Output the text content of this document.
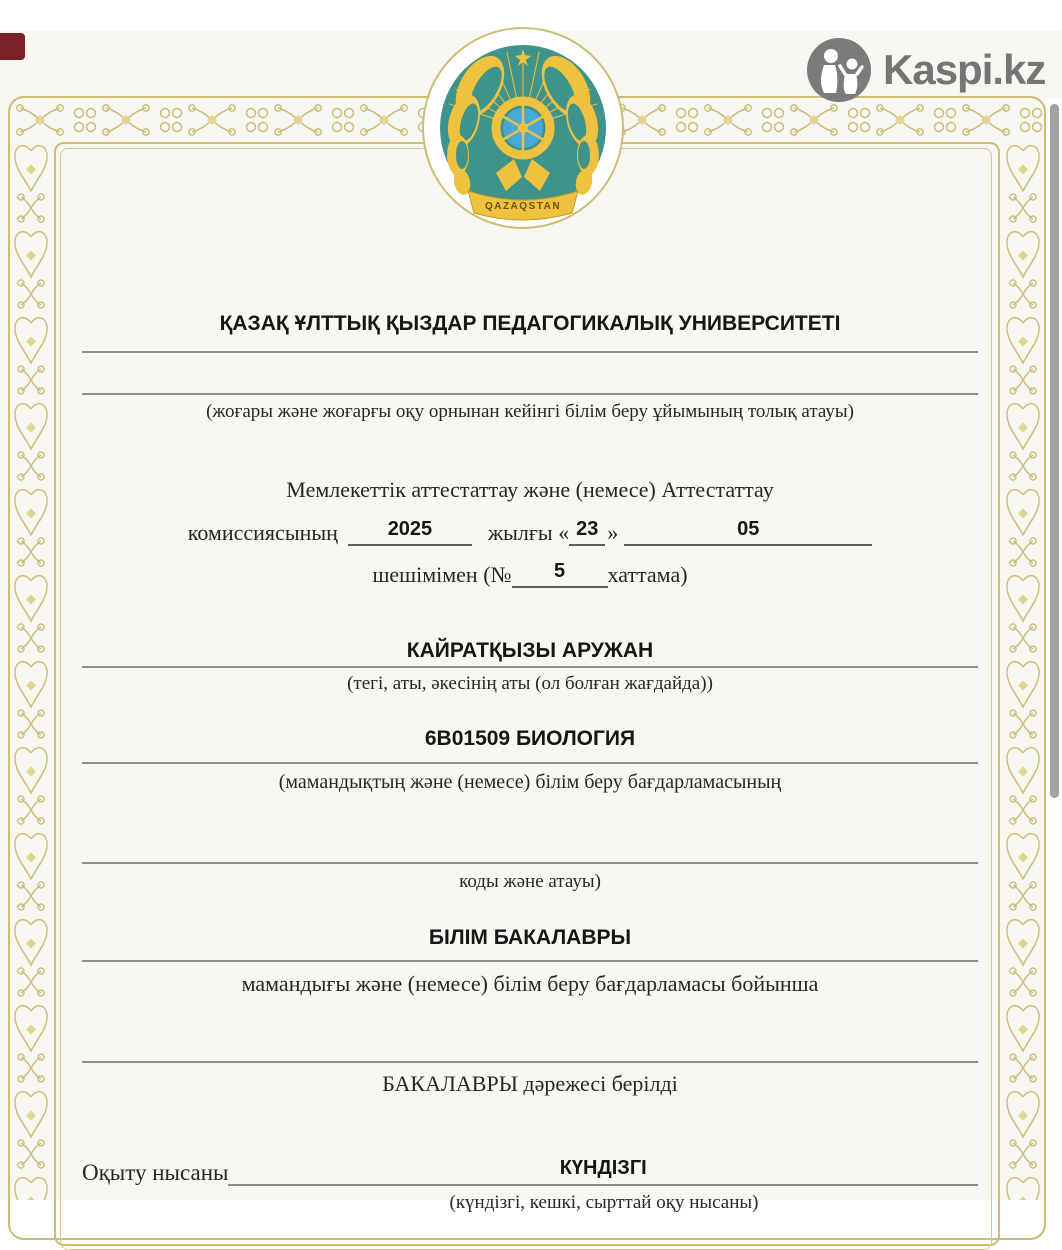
QAZAQSTAN
Kaspi.kz
ҚАЗАҚ ҰЛТТЫҚ ҚЫЗДАР ПЕДАГОГИКАЛЫҚ УНИВЕРСИТЕТІ
(жоғары және жоғарғы оқу орнынан кейінгі білім беру ұйымының толық атауы)
Мемлекеттік аттестаттау және (немесе) Аттестаттау
комиссиясының	2025	жылғы « 23 »	05
шешімімен (№	5	хаттама)
КАЙРАТҚЫЗЫ АРУЖАН
(тегі, аты, әкесінің аты (ол болған жағдайда))
6В01509 БИОЛОГИЯ
(мамандықтың және (немесе) білім беру бағдарламасының
коды және атауы)
БІЛІМ БАКАЛАВРЫ
мамандығы және (немесе) білім беру бағдарламасы бойынша
БАКАЛАВРЫ дәрежесі берілді
Оқыту нысаны	КҮНДІЗГІ
(күндізгі, кешкі, сырттай оқу нысаны)
